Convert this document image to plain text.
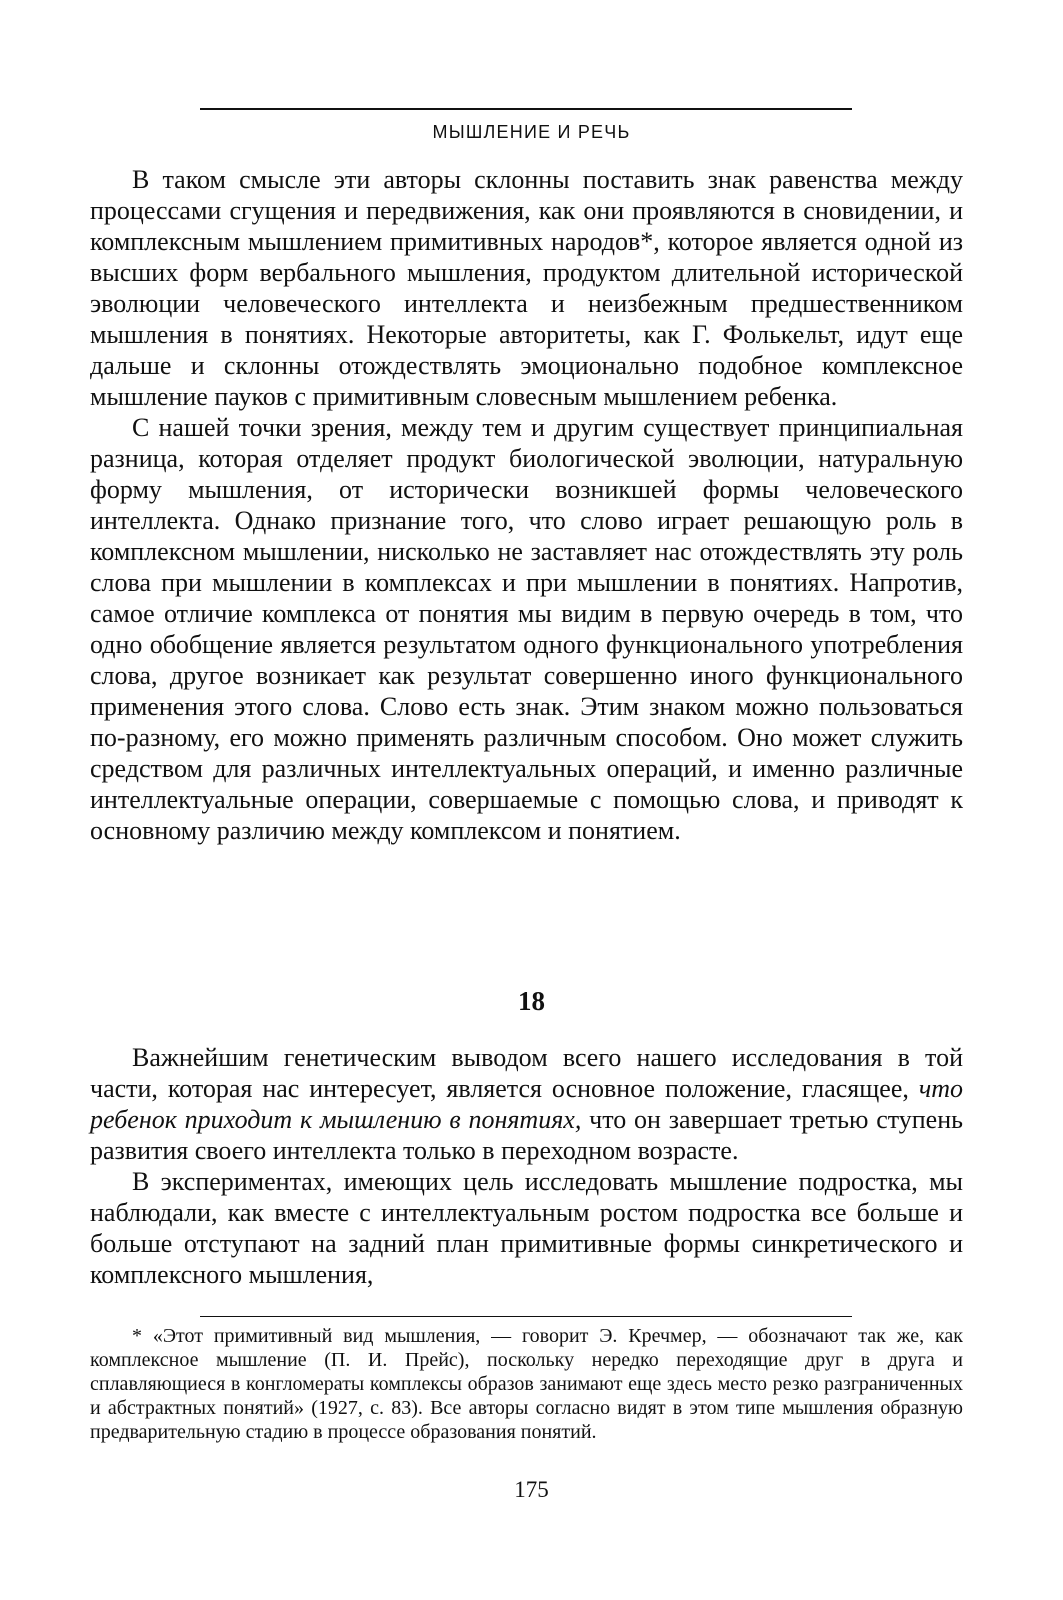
МЫШЛЕНИЕ И РЕЧЬ

В таком смысле эти авторы склонны поставить знак равенства между процессами сгущения и передвижения, как они проявляются в сновидении, и комплексным мышлением примитивных народов*, которое является одной из высших форм вербального мышления, продуктом длительной исторической эволюции человеческого интеллекта и неизбежным предшественником мышления в понятиях. Некоторые авторитеты, как Г. Фолькельт, идут еще дальше и склонны отождествлять эмоционально подобное комплексное мышление пауков с примитивным словесным мышлением ребенка.

С нашей точки зрения, между тем и другим существует принципиальная разница, которая отделяет продукт биологической эволюции, натуральную форму мышления, от исторически возникшей формы человеческого интеллекта. Однако признание того, что слово играет решающую роль в комплексном мышлении, нисколько не заставляет нас отождествлять эту роль слова при мышлении в комплексах и при мышлении в понятиях. Напротив, самое отличие комплекса от понятия мы видим в первую очередь в том, что одно обобщение является результатом одного функционального употребления слова, другое возникает как результат совершенно иного функционального применения этого слова. Слово есть знак. Этим знаком можно пользоваться по-разному, его можно применять различным способом. Оно может служить средством для различных интеллектуальных операций, и именно различные интеллектуальные операции, совершаемые с помощью слова, и приводят к основному различию между комплексом и понятием.

18

Важнейшим генетическим выводом всего нашего исследования в той части, которая нас интересует, является основное положение, гласящее, что ребенок приходит к мышлению в понятиях, что он завершает третью ступень развития своего интеллекта только в переходном возрасте.

В экспериментах, имеющих цель исследовать мышление подростка, мы наблюдали, как вместе с интеллектуальным ростом подростка все больше и больше отступают на задний план примитивные формы синкретического и комплексного мышления,

* «Этот примитивный вид мышления, — говорит Э. Кречмер, — обозначают так же, как комплексное мышление (П. И. Прейс), поскольку нередко переходящие друг в друга и сплавляющиеся в конгломераты комплексы образов занимают еще здесь место резко разграниченных и абстрактных понятий» (1927, с. 83). Все авторы согласно видят в этом типе мышления образную предварительную стадию в процессе образования понятий.

175
